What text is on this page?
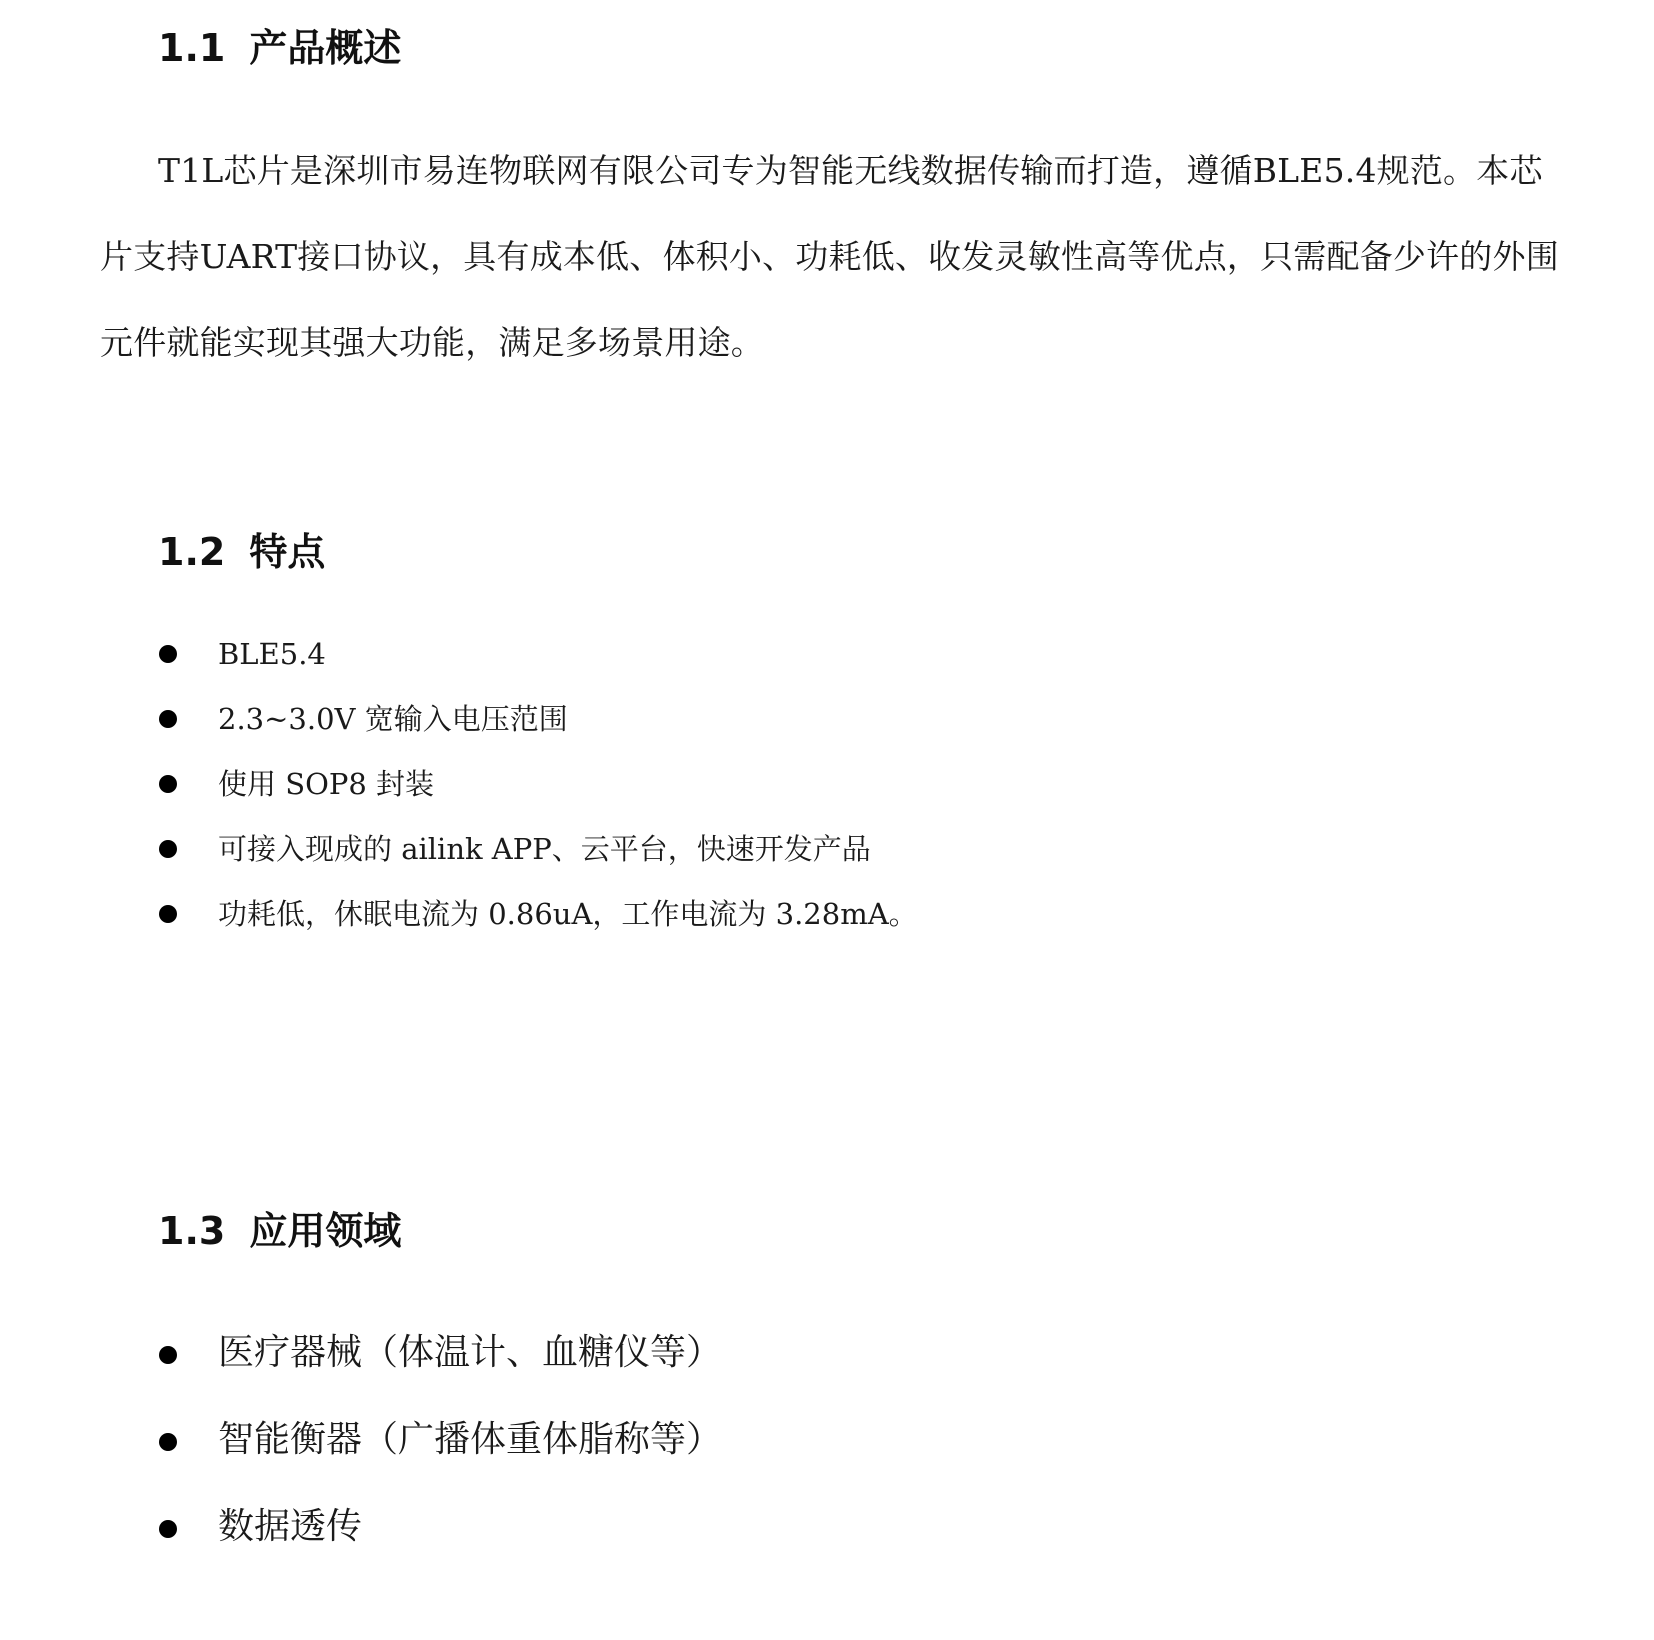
1.1 产品概述

T1L芯片是深圳市易连物联网有限公司专为智能无线数据传输而打造，遵循BLE5.4规范。本芯片支持UART接口协议，具有成本低、体积小、功耗低、收发灵敏性高等优点，只需配备少许的外围元件就能实现其强大功能，满足多场景用途。

1.2 特点
BLE5.4
2.3~3.0V 宽输入电压范围
使用 SOP8 封装
可接入现成的 ailink APP、云平台，快速开发产品
功耗低，休眠电流为 0.86uA，工作电流为 3.28mA。
1.3 应用领域
医疗器械（体温计、血糖仪等）
智能衡器（广播体重体脂称等）
数据透传
